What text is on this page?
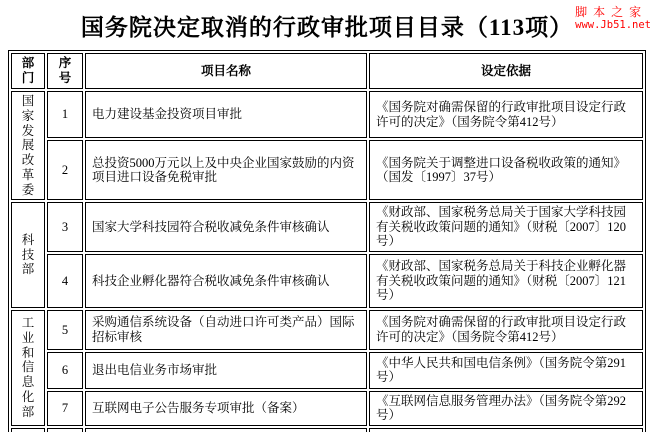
国务院决定取消的行政审批项目目录（113项）
脚本之家
www.Jb51.net
部门	序号	项目名称	设定依据

国家发展改革委	1	电力建设基金投资项目审批	《国务院对确需保留的行政审批项目设定行政许可的决定》（国务院令第412号）
	2	总投资5000万元以上及中央企业国家鼓励的内资项目进口设备免税审批	《国务院关于调整进口设备税收政策的通知》（国发〔1997〕37号）

科技部	3	国家大学科技园符合税收减免条件审核确认	《财政部、国家税务总局关于国家大学科技园有关税收政策问题的通知》（财税〔2007〕120号）
	4	科技企业孵化器符合税收减免条件审核确认	《财政部、国家税务总局关于科技企业孵化器有关税收政策问题的通知》（财税〔2007〕121号）

工业和信息化部	5	采购通信系统设备（自动进口许可类产品）国际招标审核	《国务院对确需保留的行政审批项目设定行政许可的决定》（国务院令第412号）
	6	退出电信业务市场审批	《中华人民共和国电信条例》（国务院令第291号）
	7	互联网电子公告服务专项审批（备案）	《互联网信息服务管理办法》（国务院令第292号）
